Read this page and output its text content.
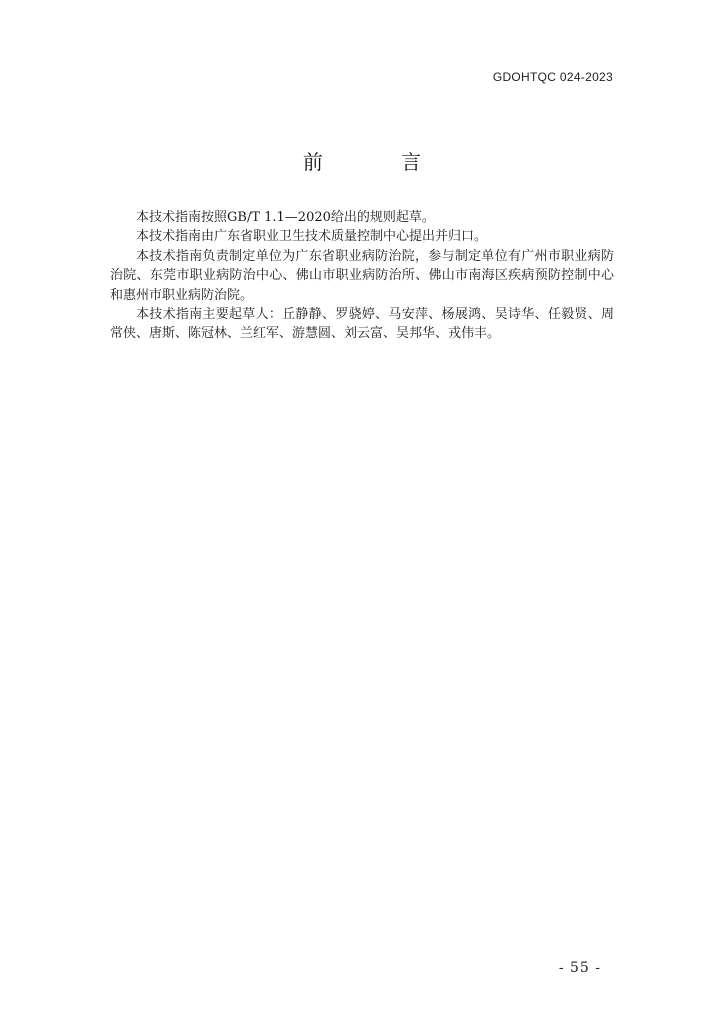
GDOHTQC 024-2023
前 言

本技术指南按照GB/T 1.1—2020给出的规则起草。

本技术指南由广东省职业卫生技术质量控制中心提出并归口。

本技术指南负责制定单位为广东省职业病防治院，参与制定单位有广州市职业病防治院、东莞市职业病防治中心、佛山市职业病防治所、佛山市南海区疾病预防控制中心和惠州市职业病防治院。

本技术指南主要起草人：丘静静、罗骁婷、马安萍、杨展鸿、吴诗华、任毅贤、周常侠、唐斯、陈冠林、兰红军、游慧圆、刘云富、吴邦华、戎伟丰。

- 55 -
